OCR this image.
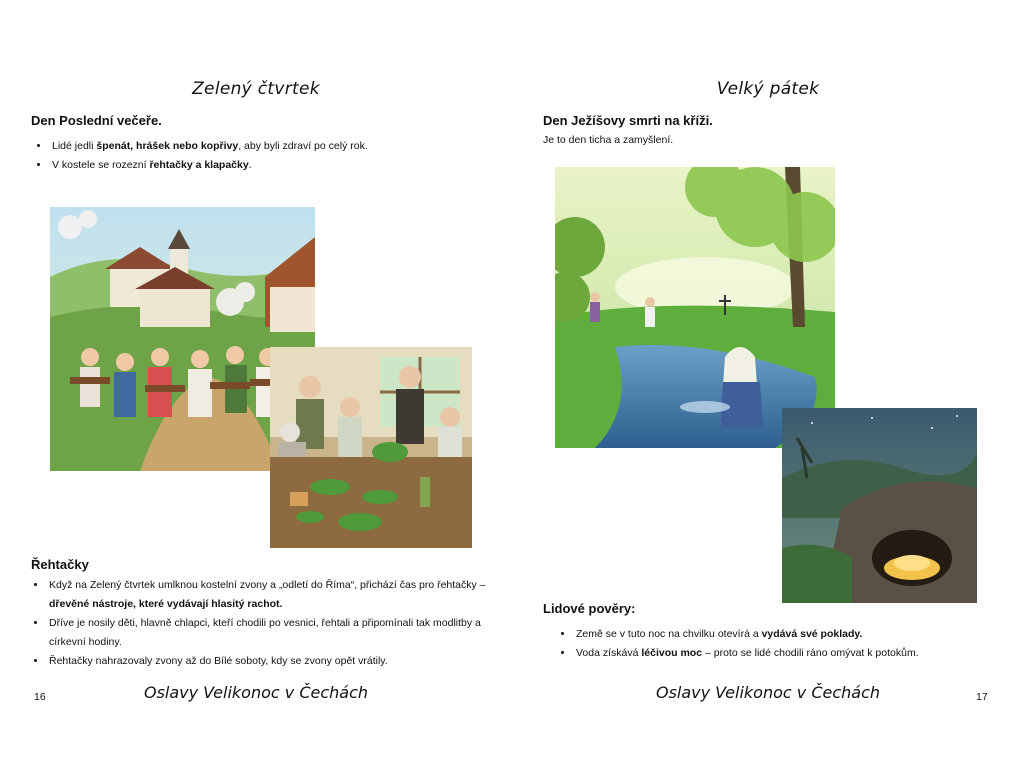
Zelený čtvrtek
Den Poslední večeře.
• Lidé jedli špenát, hrášek nebo kopřivy, aby byli zdraví po celý rok.
• V kostele se rozezní řehtačky a klapačky.
Řehtačky
• Když na Zelený čtvrtek umlknou kostelní zvony a „odletí do Říma“, přichází čas pro řehtačky – dřevěné nástroje, které vydávají hlasitý rachot.
• Dříve je nosily děti, hlavně chlapci, kteří chodili po vesnici, řehtali a připomínali tak modlitby a církevní hodiny.
• Řehtačky nahrazovaly zvony až do Bílé soboty, kdy se zvony opět vrátily.
16	Oslavy Velikonoc v Čechách
Velký pátek
Den Ježíšovy smrti na kříži.
Je to den ticha a zamyšlení.
Lidové pověry:
• Země se v tuto noc na chvilku otevírá a vydává své poklady.
• Voda získává léčivou moc – proto se lidé chodili ráno omývat k potokům.
Oslavy Velikonoc v Čechách	17
